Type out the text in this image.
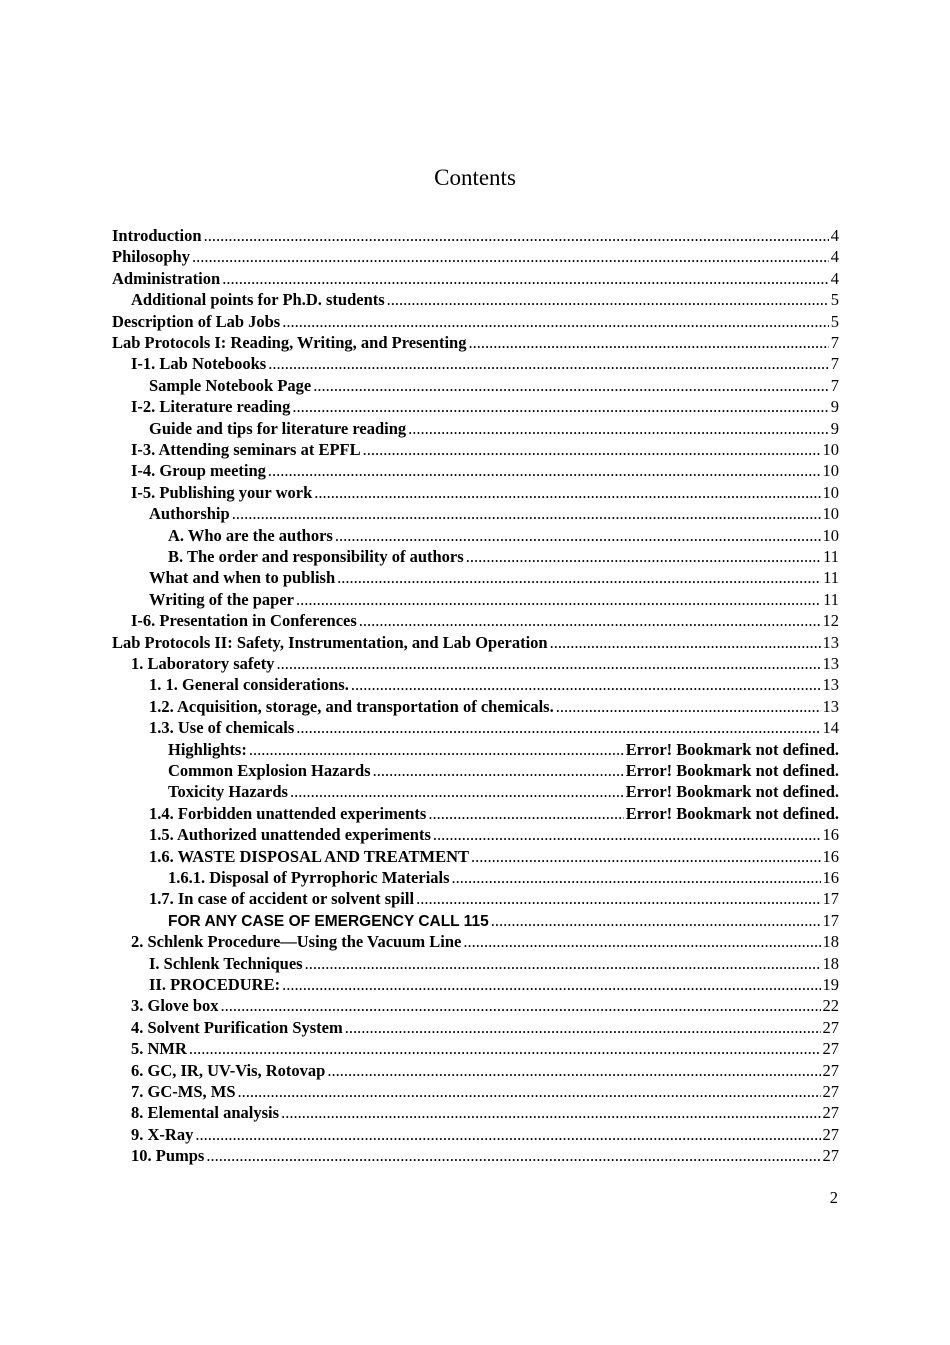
Contents
Introduction .....	4
Philosophy .....	4
Administration .....	4
Additional points for Ph.D. students .....	5
Description of Lab Jobs .....	5
Lab Protocols I: Reading, Writing, and Presenting .....	7
I-1. Lab Notebooks .....	7
Sample Notebook Page .....	7
I-2. Literature reading .....	9
Guide and tips for literature reading .....	9
I-3. Attending seminars at EPFL .....	10
I-4. Group meeting .....	10
I-5. Publishing your work .....	10
Authorship .....	10
A. Who are the authors .....	10
B. The order and responsibility of authors .....	11
What and when to publish .....	11
Writing of the paper .....	11
I-6. Presentation in Conferences .....	12
Lab Protocols II: Safety, Instrumentation, and Lab Operation .....	13
1. Laboratory safety .....	13
1. 1. General considerations. .....	13
1.2. Acquisition, storage, and transportation of chemicals. .....	13
1.3. Use of chemicals .....	14
Highlights: .....	Error! Bookmark not defined.
Common Explosion Hazards .....	Error! Bookmark not defined.
Toxicity Hazards .....	Error! Bookmark not defined.
1.4. Forbidden unattended experiments .....	Error! Bookmark not defined.
1.5. Authorized unattended experiments .....	16
1.6. WASTE DISPOSAL AND TREATMENT .....	16
1.6.1. Disposal of Pyrrophoric Materials .....	16
1.7. In case of accident or solvent spill .....	17
FOR ANY CASE OF EMERGENCY CALL 115 .....	17
2. Schlenk Procedure—Using the Vacuum Line .....	18
I. Schlenk Techniques .....	18
II. PROCEDURE: .....	19
3. Glove box .....	22
4. Solvent Purification System .....	27
5. NMR .....	27
6. GC, IR, UV-Vis, Rotovap .....	27
7. GC-MS, MS .....	27
8. Elemental analysis .....	27
9. X-Ray .....	27
10. Pumps .....	27
2
